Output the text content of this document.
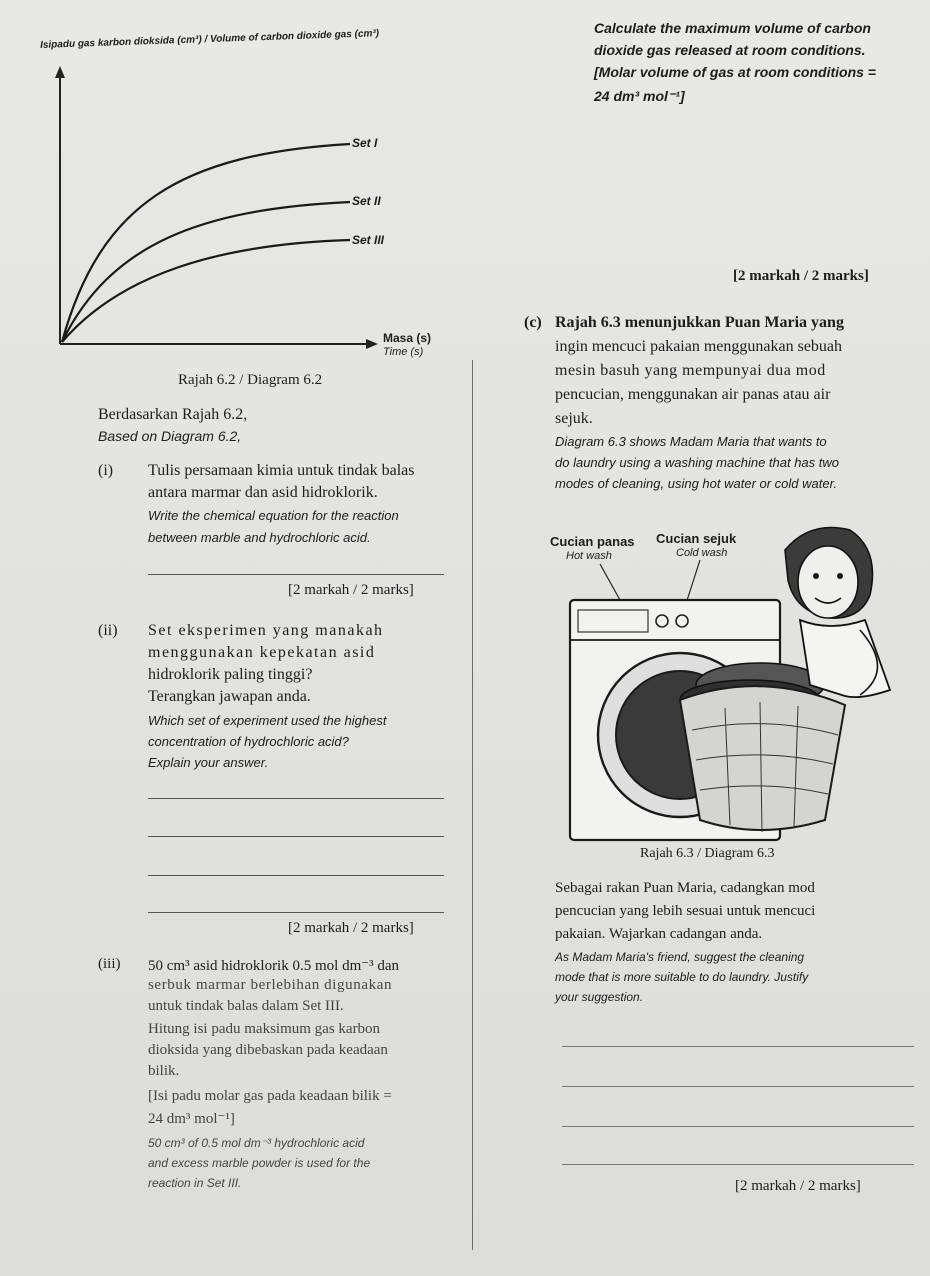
Isipadu gas karbon dioksida (cm³) / Volume of carbon dioxide gas (cm³)
Set I
Set II
Set III
Masa (s)
Time (s)
Rajah 6.2 / Diagram 6.2
Calculate the maximum volume of carbon
dioxide gas released at room conditions.
[Molar volume of gas at room conditions =
24 dm³ mol⁻¹]
[2 markah / 2 marks]
Berdasarkan Rajah 6.2,
Based on Diagram 6.2,
(i) Tulis persamaan kimia untuk tindak balas
antara marmar dan asid hidroklorik.
Write the chemical equation for the reaction
between marble and hydrochloric acid.
[2 markah / 2 marks]
(ii) Set eksperimen yang manakah
menggunakan kepekatan asid
hidroklorik paling tinggi?
Terangkan jawapan anda.
Which set of experiment used the highest
concentration of hydrochloric acid?
Explain your answer.
[2 markah / 2 marks]
(iii) 50 cm³ asid hidroklorik 0.5 mol dm⁻³ dan
serbuk marmar berlebihan digunakan
untuk tindak balas dalam Set III.
Hitung isi padu maksimum gas karbon
dioksida yang dibebaskan pada keadaan
bilik.
[Isi padu molar gas pada keadaan bilik =
24 dm³ mol⁻¹]
50 cm³ of 0.5 mol dm⁻³ hydrochloric acid
and excess marble powder is used for the
reaction in Set III.
(c) Rajah 6.3 menunjukkan Puan Maria yang
ingin mencuci pakaian menggunakan sebuah
mesin basuh yang mempunyai dua mod
pencucian, menggunakan air panas atau air
sejuk.
Diagram 6.3 shows Madam Maria that wants to
do laundry using a washing machine that has two
modes of cleaning, using hot water or cold water.
Cucian panas
Hot wash
Cucian sejuk
Cold wash
Rajah 6.3 / Diagram 6.3
Sebagai rakan Puan Maria, cadangkan mod
pencucian yang lebih sesuai untuk mencuci
pakaian. Wajarkan cadangan anda.
As Madam Maria's friend, suggest the cleaning
mode that is more suitable to do laundry. Justify
your suggestion.
[2 markah / 2 marks]
